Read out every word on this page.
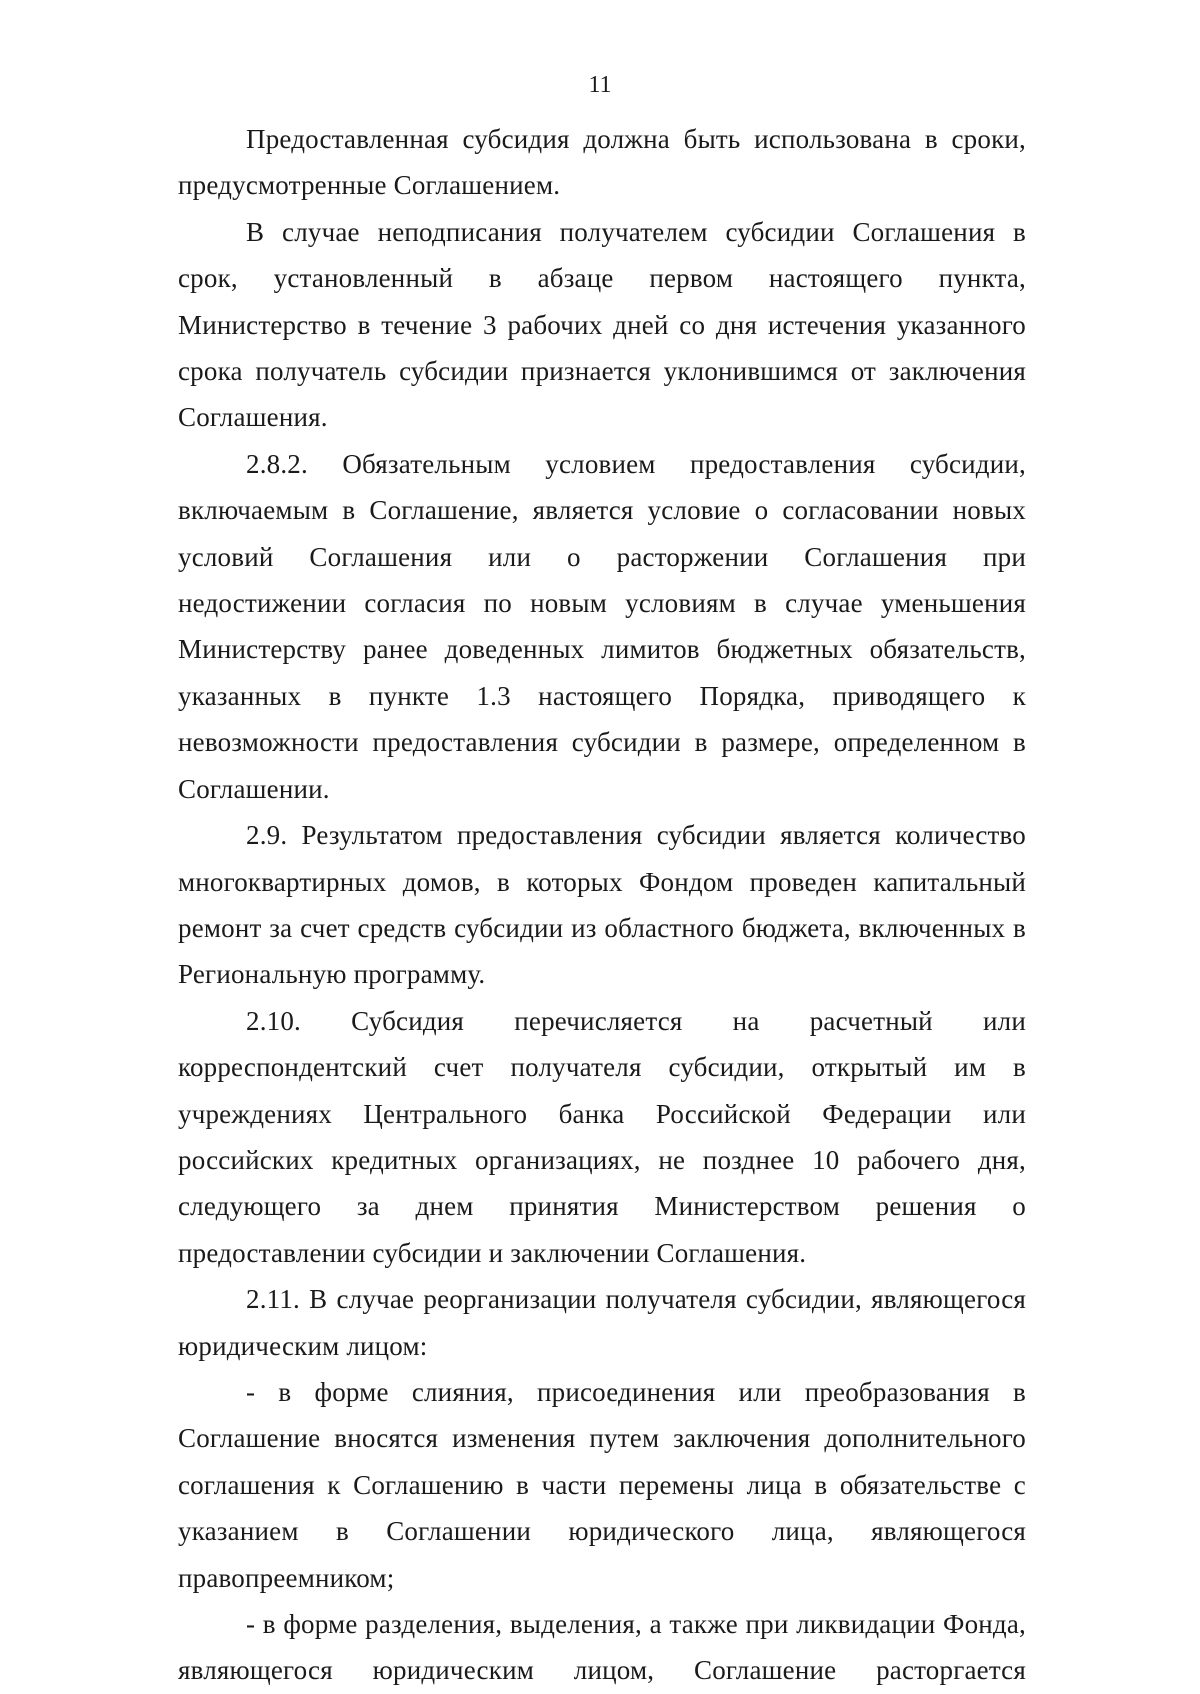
11

Предоставленная субсидия должна быть использована в сроки, предусмотренные Соглашением.

В случае неподписания получателем субсидии Соглашения в срок, установленный в абзаце первом настоящего пункта, Министерство в течение 3 рабочих дней со дня истечения указанного срока получатель субсидии признается уклонившимся от заключения Соглашения.

2.8.2. Обязательным условием предоставления субсидии, включаемым в Соглашение, является условие о согласовании новых условий Соглашения или о расторжении Соглашения при недостижении согласия по новым условиям в случае уменьшения Министерству ранее доведенных лимитов бюджетных обязательств, указанных в пункте 1.3 настоящего Порядка, приводящего к невозможности предоставления субсидии в размере, определенном в Соглашении.

2.9. Результатом предоставления субсидии является количество многоквартирных домов, в которых Фондом проведен капитальный ремонт за счет средств субсидии из областного бюджета, включенных в Региональную программу.

2.10. Субсидия перечисляется на расчетный или корреспондентский счет получателя субсидии, открытый им в учреждениях Центрального банка Российской Федерации или российских кредитных организациях, не позднее 10 рабочего дня, следующего за днем принятия Министерством решения о предоставлении субсидии и заключении Соглашения.

2.11. В случае реорганизации получателя субсидии, являющегося юридическим лицом:

- в форме слияния, присоединения или преобразования в Соглашение вносятся изменения путем заключения дополнительного соглашения к Соглашению в части перемены лица в обязательстве с указанием в Соглашении юридического лица, являющегося правопреемником;

- в форме разделения, выделения, а также при ликвидации Фонда, являющегося юридическим лицом, Соглашение расторгается
